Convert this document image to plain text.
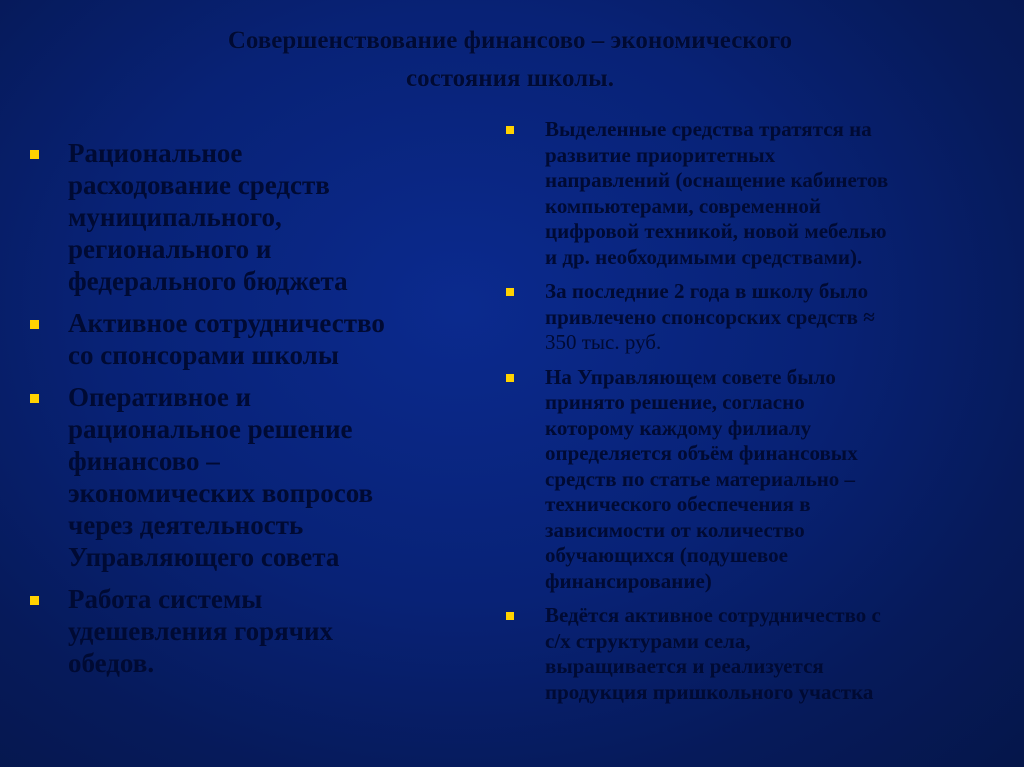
Совершенствование финансово – экономического
состояния школы.
Рациональное
расходование средств
муниципального,
регионального и
федерального бюджета
Активное сотрудничество
со спонсорами школы
Оперативное и
рациональное решение
финансово –
экономических вопросов
через деятельность
Управляющего совета
Работа системы
удешевления горячих
обедов.
Выделенные средства тратятся на
развитие приоритетных
направлений (оснащение кабинетов
компьютерами, современной
цифровой техникой, новой мебелью
и др. необходимыми средствами).
За последние 2 года в школу было
привлечено спонсорских средств ≈
350 тыс. руб.
На Управляющем совете было
принято решение, согласно
которому каждому филиалу
определяется объём финансовых
средств по статье материально –
технического обеспечения в
зависимости от количество
обучающихся (подушевое
финансирование)
Ведётся активное сотрудничество с
с/х структурами села,
выращивается и реализуется
продукция пришкольного участка
